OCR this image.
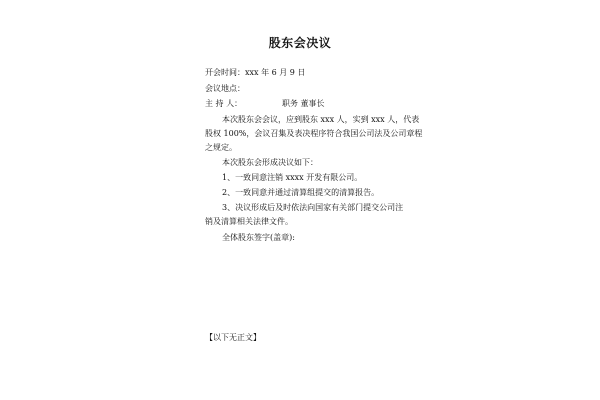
股东会决议
开会时间：xxx 年 6 月 9 日
会议地点：
主 持 人：	职务 董事长
本次股东会会议，应到股东 xxx 人，实到 xxx 人，代表
股权 100%，会议召集及表决程序符合我国公司法及公司章程
之规定。
本次股东会形成决议如下：
1、一致同意注销 xxxx 开发有限公司。
2、一致同意并通过清算组提交的清算报告。
3、决议形成后及时依法向国家有关部门提交公司注
销及清算相关法律文件。
全体股东签字(盖章):
【以下无正文】
